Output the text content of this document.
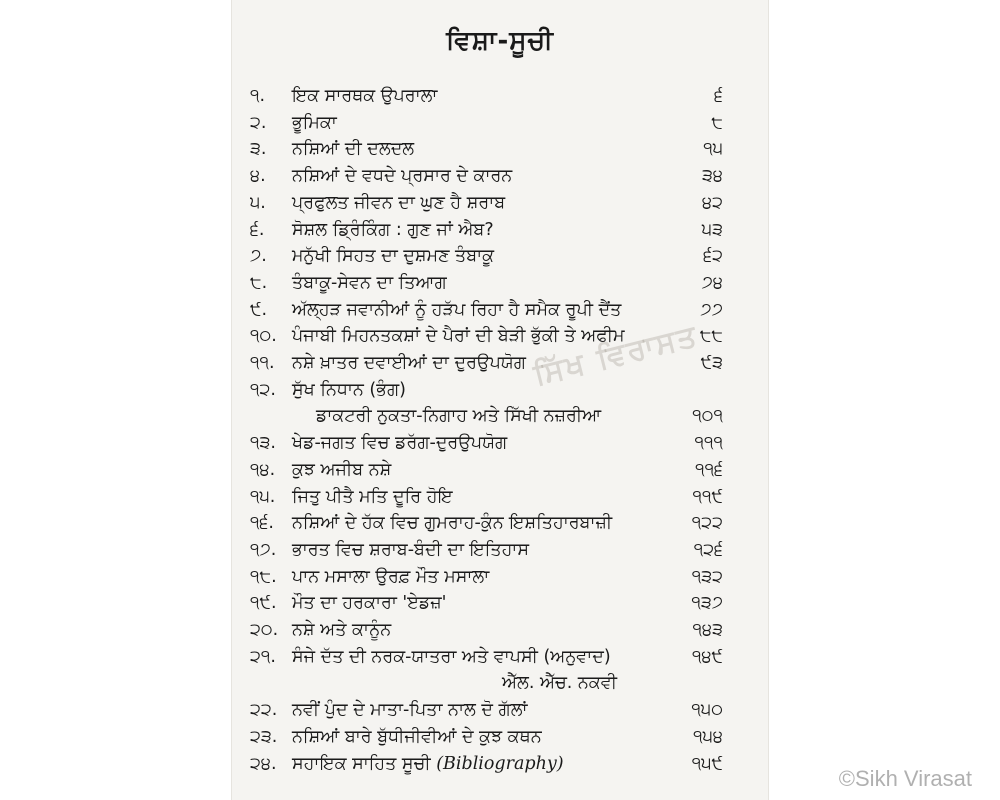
ਵਿਸ਼ਾ-ਸੂਚੀ
੧. ਇਕ ਸਾਰਥਕ ਉਪਰਾਲਾ	੬
੨. ਭੂਮਿਕਾ	੮
੩. ਨਸ਼ਿਆਂ ਦੀ ਦਲਦਲ	੧੫
੪. ਨਸ਼ਿਆਂ ਦੇ ਵਧਦੇ ਪ੍ਰਸਾਰ ਦੇ ਕਾਰਨ	੩੪
੫. ਪ੍ਰਫੁਲਤ ਜੀਵਨ ਦਾ ਘੁਣ ਹੈ ਸ਼ਰਾਬ	੪੨
੬. ਸੋਸ਼ਲ ਡ੍ਰਿੰਕਿੰਗ : ਗੁਣ ਜਾਂ ਐਬ?	੫੩
੭. ਮਨੁੱਖੀ ਸਿਹਤ ਦਾ ਦੁਸ਼ਮਣ ਤੰਬਾਕੂ	੬੨
੮. ਤੰਬਾਕੂ-ਸੇਵਨ ਦਾ ਤਿਆਗ	੭੪
੯. ਅੱਲ੍ਹੜ ਜਵਾਨੀਆਂ ਨੂੰ ਹੜੱਪ ਰਿਹਾ ਹੈ ਸਮੈਕ ਰੂਪੀ ਦੈਂਤ	੭੭
੧੦. ਪੰਜਾਬੀ ਮਿਹਨਤਕਸ਼ਾਂ ਦੇ ਪੈਰਾਂ ਦੀ ਬੇੜੀ ਭੁੱਕੀ ਤੇ ਅਫੀਮ	੮੮
੧੧. ਨਸ਼ੇ ਖ਼ਾਤਰ ਦਵਾਈਆਂ ਦਾ ਦੁਰਉਪਯੋਗ	੯੩
੧੨. ਸੁੱਖ ਨਿਧਾਨ (ਭੰਗ)
ਡਾਕਟਰੀ ਨੁਕਤਾ-ਨਿਗਾਹ ਅਤੇ ਸਿੱਖੀ ਨਜ਼ਰੀਆ	੧੦੧
੧੩. ਖੇਡ-ਜਗਤ ਵਿਚ ਡਰੱਗ-ਦੁਰਉਪਯੋਗ	੧੧੧
੧੪. ਕੁਝ ਅਜੀਬ ਨਸ਼ੇ	੧੧੬
੧੫. ਜਿਤੁ ਪੀਤੈ ਮਤਿ ਦੂਰਿ ਹੋਇ	੧੧੯
੧੬. ਨਸ਼ਿਆਂ ਦੇ ਹੱਕ ਵਿਚ ਗੁਮਰਾਹ-ਕੁੰਨ ਇਸ਼ਤਿਹਾਰਬਾਜ਼ੀ	੧੨੨
੧੭. ਭਾਰਤ ਵਿਚ ਸ਼ਰਾਬ-ਬੰਦੀ ਦਾ ਇਤਿਹਾਸ	੧੨੬
੧੮. ਪਾਨ ਮਸਾਲਾ ਉਰਫ਼ ਮੌਤ ਮਸਾਲਾ	੧੩੨
੧੯. ਮੌਤ ਦਾ ਹਰਕਾਰਾ 'ਏਡਜ਼'	੧੩੭
੨੦. ਨਸ਼ੇ ਅਤੇ ਕਾਨੂੰਨ	੧੪੩
੨੧. ਸੰਜੇ ਦੱਤ ਦੀ ਨਰਕ-ਯਾਤਰਾ ਅਤੇ ਵਾਪਸੀ (ਅਨੁਵਾਦ)	੧੪੯
ਐੱਲ. ਐੱਚ. ਨਕਵੀ
੨੨. ਨਵੀਂ ਪੁੰਦ ਦੇ ਮਾਤਾ-ਪਿਤਾ ਨਾਲ ਦੋ ਗੱਲਾਂ	੧੫੦
੨੩. ਨਸ਼ਿਆਂ ਬਾਰੇ ਬੁੱਧੀਜੀਵੀਆਂ ਦੇ ਕੁਝ ਕਥਨ	੧੫੪
੨੪. ਸਹਾਇਕ ਸਾਹਿਤ ਸੂਚੀ (Bibliography)	੧੫੯
ਸਿੱਖ ਵਿਰਾਸਤ
©Sikh Virasat
